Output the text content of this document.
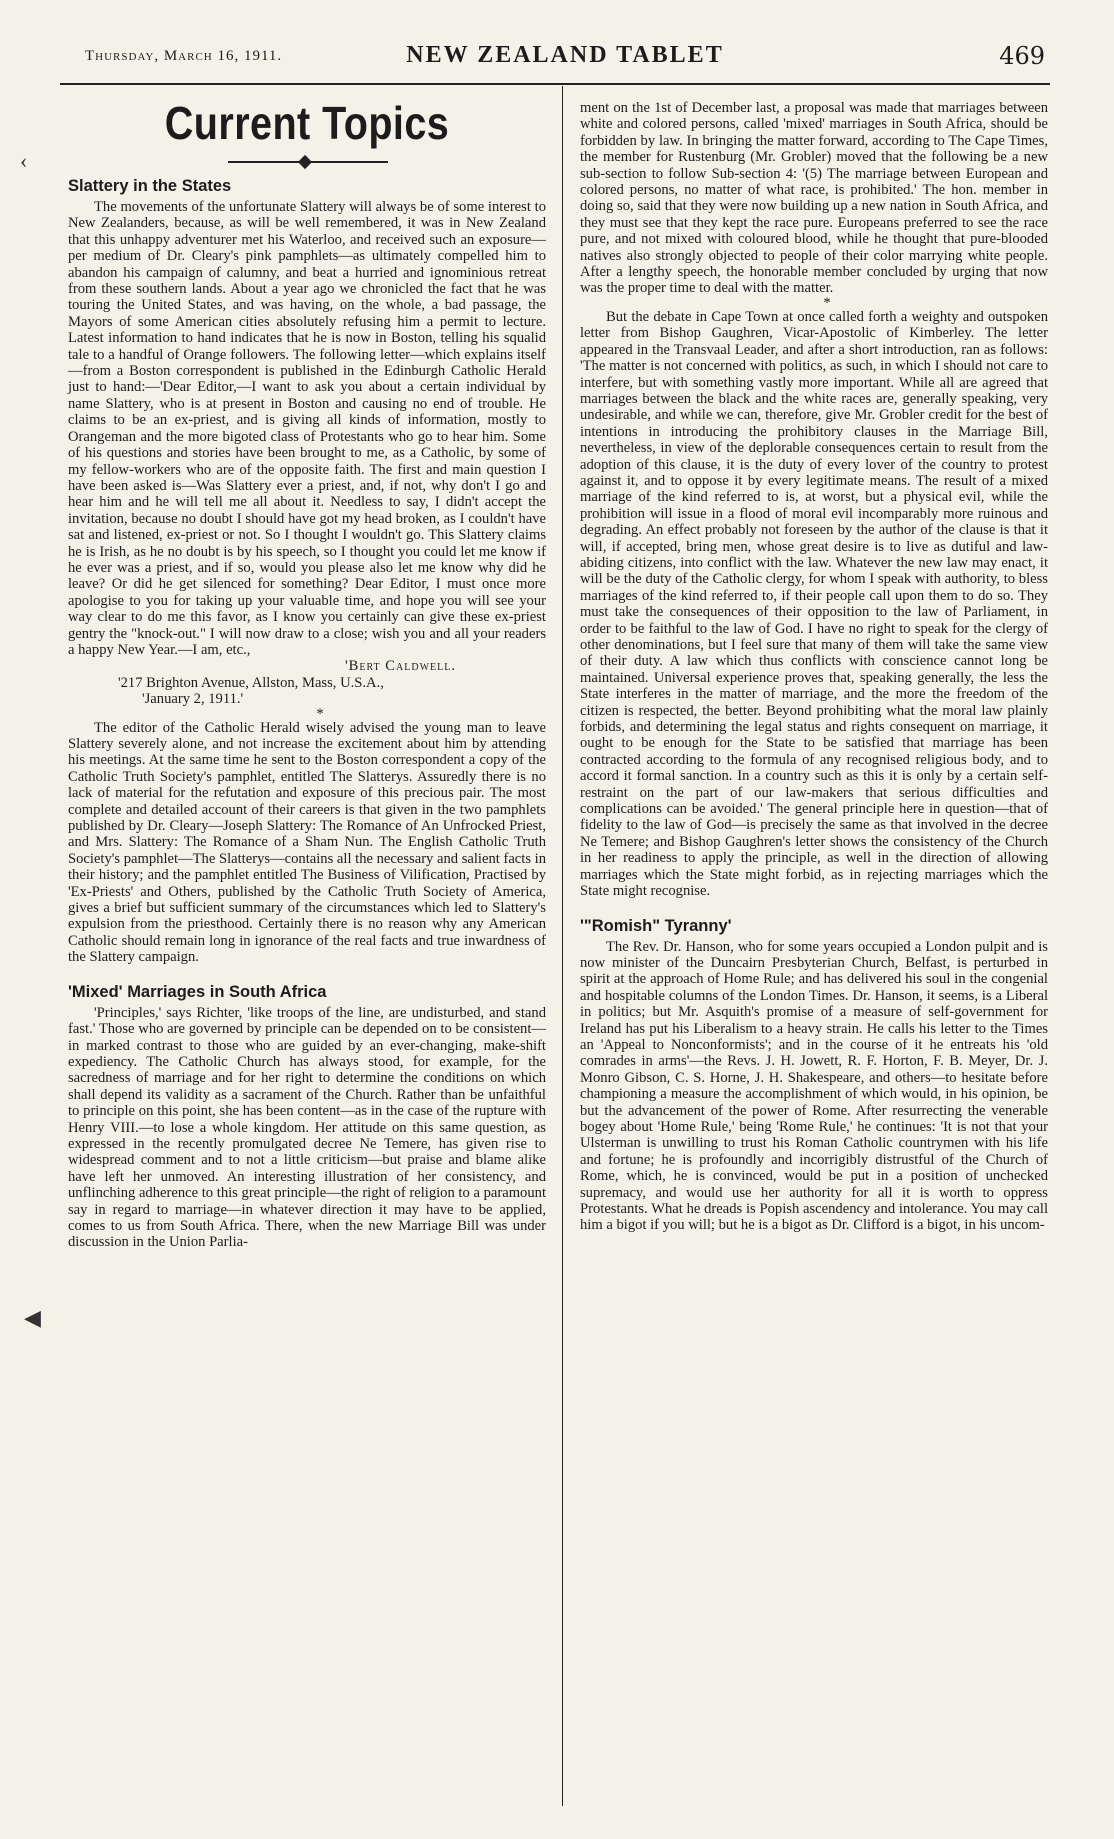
Thursday, March 16, 1911.	NEW ZEALAND TABLET	469
‹
◀
Current Topics
Slattery in the States

The movements of the unfortunate Slattery will always be of some interest to New Zealanders, because, as will be well remembered, it was in New Zealand that this unhappy adventurer met his Waterloo, and received such an exposure—per medium of Dr. Cleary's pink pamphlets—as ultimately compelled him to abandon his campaign of calumny, and beat a hurried and ignominious retreat from these southern lands. About a year ago we chronicled the fact that he was touring the United States, and was having, on the whole, a bad passage, the Mayors of some American cities absolutely refusing him a permit to lecture. Latest information to hand indicates that he is now in Boston, telling his squalid tale to a handful of Orange followers. The following letter—which explains itself—from a Boston correspondent is published in the Edinburgh Catholic Herald just to hand:—'Dear Editor,—I want to ask you about a certain individual by name Slattery, who is at present in Boston and causing no end of trouble. He claims to be an ex-priest, and is giving all kinds of information, mostly to Orangeman and the more bigoted class of Protestants who go to hear him. Some of his questions and stories have been brought to me, as a Catholic, by some of my fellow-workers who are of the opposite faith. The first and main question I have been asked is—Was Slattery ever a priest, and, if not, why don't I go and hear him and he will tell me all about it. Needless to say, I didn't accept the invitation, because no doubt I should have got my head broken, as I couldn't have sat and listened, ex-priest or not. So I thought I wouldn't go. This Slattery claims he is Irish, as he no doubt is by his speech, so I thought you could let me know if he ever was a priest, and if so, would you please also let me know why did he leave? Or did he get silenced for something? Dear Editor, I must once more apologise to you for taking up your valuable time, and hope you will see your way clear to do me this favor, as I know you certainly can give these ex-priest gentry the "knock-out." I will now draw to a close; wish you and all your readers a happy New Year.—I am, etc.,

'Bert Caldwell.

'217 Brighton Avenue, Allston, Mass, U.S.A.,

'January 2, 1911.'

*

The editor of the Catholic Herald wisely advised the young man to leave Slattery severely alone, and not increase the excitement about him by attending his meetings. At the same time he sent to the Boston correspondent a copy of the Catholic Truth Society's pamphlet, entitled The Slatterys. Assuredly there is no lack of material for the refutation and exposure of this precious pair. The most complete and detailed account of their careers is that given in the two pamphlets published by Dr. Cleary—Joseph Slattery: The Romance of An Unfrocked Priest, and Mrs. Slattery: The Romance of a Sham Nun. The English Catholic Truth Society's pamphlet—The Slatterys—contains all the necessary and salient facts in their history; and the pamphlet entitled The Business of Vilification, Practised by 'Ex-Priests' and Others, published by the Catholic Truth Society of America, gives a brief but sufficient summary of the circumstances which led to Slattery's expulsion from the priesthood. Certainly there is no reason why any American Catholic should remain long in ignorance of the real facts and true inwardness of the Slattery campaign.

'Mixed' Marriages in South Africa

'Principles,' says Richter, 'like troops of the line, are undisturbed, and stand fast.' Those who are governed by principle can be depended on to be consistent—in marked contrast to those who are guided by an ever-changing, make-shift expediency. The Catholic Church has always stood, for example, for the sacredness of marriage and for her right to determine the conditions on which shall depend its validity as a sacrament of the Church. Rather than be unfaithful to principle on this point, she has been content—as in the case of the rupture with Henry VIII.—to lose a whole kingdom. Her attitude on this same question, as expressed in the recently promulgated decree Ne Temere, has given rise to widespread comment and to not a little criticism—but praise and blame alike have left her unmoved. An interesting illustration of her consistency, and unflinching adherence to this great principle—the right of religion to a paramount say in regard to marriage—in whatever direction it may have to be applied, comes to us from South Africa. There, when the new Marriage Bill was under discussion in the Union Parlia-

ment on the 1st of December last, a proposal was made that marriages between white and colored persons, called 'mixed' marriages in South Africa, should be forbidden by law. In bringing the matter forward, according to The Cape Times, the member for Rustenburg (Mr. Grobler) moved that the following be a new sub-section to follow Sub-section 4: '(5) The marriage between European and colored persons, no matter of what race, is prohibited.' The hon. member in doing so, said that they were now building up a new nation in South Africa, and they must see that they kept the race pure. Europeans preferred to see the race pure, and not mixed with coloured blood, while he thought that pure-blooded natives also strongly objected to people of their color marrying white people. After a lengthy speech, the honorable member concluded by urging that now was the proper time to deal with the matter.

*

But the debate in Cape Town at once called forth a weighty and outspoken letter from Bishop Gaughren, Vicar-Apostolic of Kimberley. The letter appeared in the Transvaal Leader, and after a short introduction, ran as follows: 'The matter is not concerned with politics, as such, in which I should not care to interfere, but with something vastly more important. While all are agreed that marriages between the black and the white races are, generally speaking, very undesirable, and while we can, therefore, give Mr. Grobler credit for the best of intentions in introducing the prohibitory clauses in the Marriage Bill, nevertheless, in view of the deplorable consequences certain to result from the adoption of this clause, it is the duty of every lover of the country to protest against it, and to oppose it by every legitimate means. The result of a mixed marriage of the kind referred to is, at worst, but a physical evil, while the prohibition will issue in a flood of moral evil incomparably more ruinous and degrading. An effect probably not foreseen by the author of the clause is that it will, if accepted, bring men, whose great desire is to live as dutiful and law-abiding citizens, into conflict with the law. Whatever the new law may enact, it will be the duty of the Catholic clergy, for whom I speak with authority, to bless marriages of the kind referred to, if their people call upon them to do so. They must take the consequences of their opposition to the law of Parliament, in order to be faithful to the law of God. I have no right to speak for the clergy of other denominations, but I feel sure that many of them will take the same view of their duty. A law which thus conflicts with conscience cannot long be maintained. Universal experience proves that, speaking generally, the less the State interferes in the matter of marriage, and the more the freedom of the citizen is respected, the better. Beyond prohibiting what the moral law plainly forbids, and determining the legal status and rights consequent on marriage, it ought to be enough for the State to be satisfied that marriage has been contracted according to the formula of any recognised religious body, and to accord it formal sanction. In a country such as this it is only by a certain self-restraint on the part of our law-makers that serious difficulties and complications can be avoided.' The general principle here in question—that of fidelity to the law of God—is precisely the same as that involved in the decree Ne Temere; and Bishop Gaughren's letter shows the consistency of the Church in her readiness to apply the principle, as well in the direction of allowing marriages which the State might forbid, as in rejecting marriages which the State might recognise.

'"Romish" Tyranny'

The Rev. Dr. Hanson, who for some years occupied a London pulpit and is now minister of the Duncairn Presbyterian Church, Belfast, is perturbed in spirit at the approach of Home Rule; and has delivered his soul in the congenial and hospitable columns of the London Times. Dr. Hanson, it seems, is a Liberal in politics; but Mr. Asquith's promise of a measure of self-government for Ireland has put his Liberalism to a heavy strain. He calls his letter to the Times an 'Appeal to Nonconformists'; and in the course of it he entreats his 'old comrades in arms'—the Revs. J. H. Jowett, R. F. Horton, F. B. Meyer, Dr. J. Monro Gibson, C. S. Horne, J. H. Shakespeare, and others—to hesitate before championing a measure the accomplishment of which would, in his opinion, be but the advancement of the power of Rome. After resurrecting the venerable bogey about 'Home Rule,' being 'Rome Rule,' he continues: 'It is not that your Ulsterman is unwilling to trust his Roman Catholic countrymen with his life and fortune; he is profoundly and incorrigibly distrustful of the Church of Rome, which, he is convinced, would be put in a position of unchecked supremacy, and would use her authority for all it is worth to oppress Protestants. What he dreads is Popish ascendency and intolerance. You may call him a bigot if you will; but he is a bigot as Dr. Clifford is a bigot, in his uncom-
